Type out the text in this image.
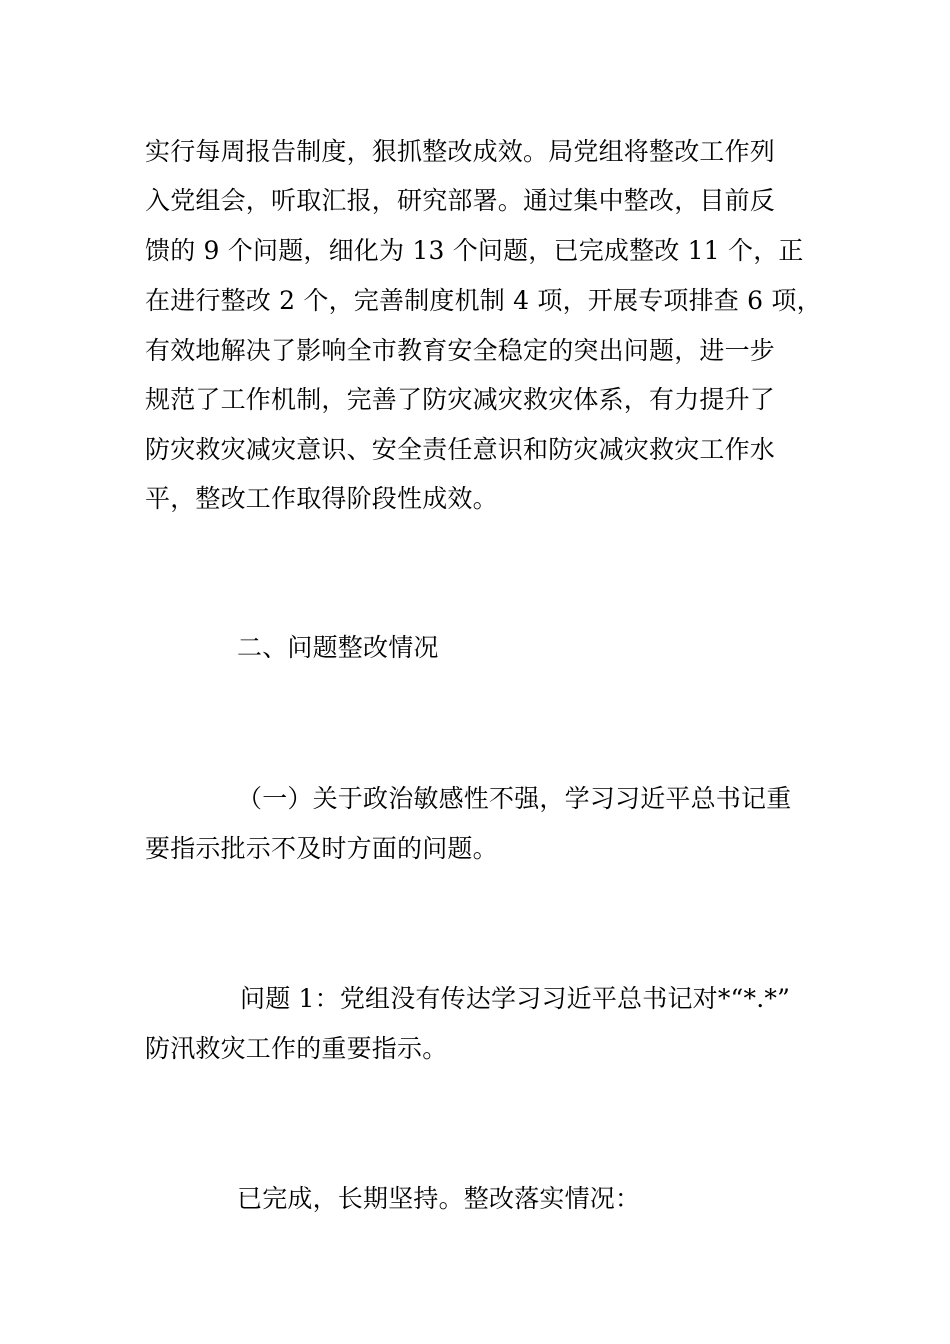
实行每周报告制度，狠抓整改成效。局党组将整改工作列
入党组会，听取汇报，研究部署。通过集中整改，目前反
馈的 9 个问题，细化为 13 个问题，已完成整改 11 个，正
在进行整改 2 个，完善制度机制 4 项，开展专项排查 6 项，
有效地解决了影响全市教育安全稳定的突出问题，进一步
规范了工作机制，完善了防灾减灾救灾体系，有力提升了
防灾救灾减灾意识、安全责任意识和防灾减灾救灾工作水
平，整改工作取得阶段性成效。
二、问题整改情况
（一）关于政治敏感性不强，学习习近平总书记重
要指示批示不及时方面的问题。
问题 1：党组没有传达学习习近平总书记对*“*.*”
防汛救灾工作的重要指示。
已完成，长期坚持。整改落实情况：
